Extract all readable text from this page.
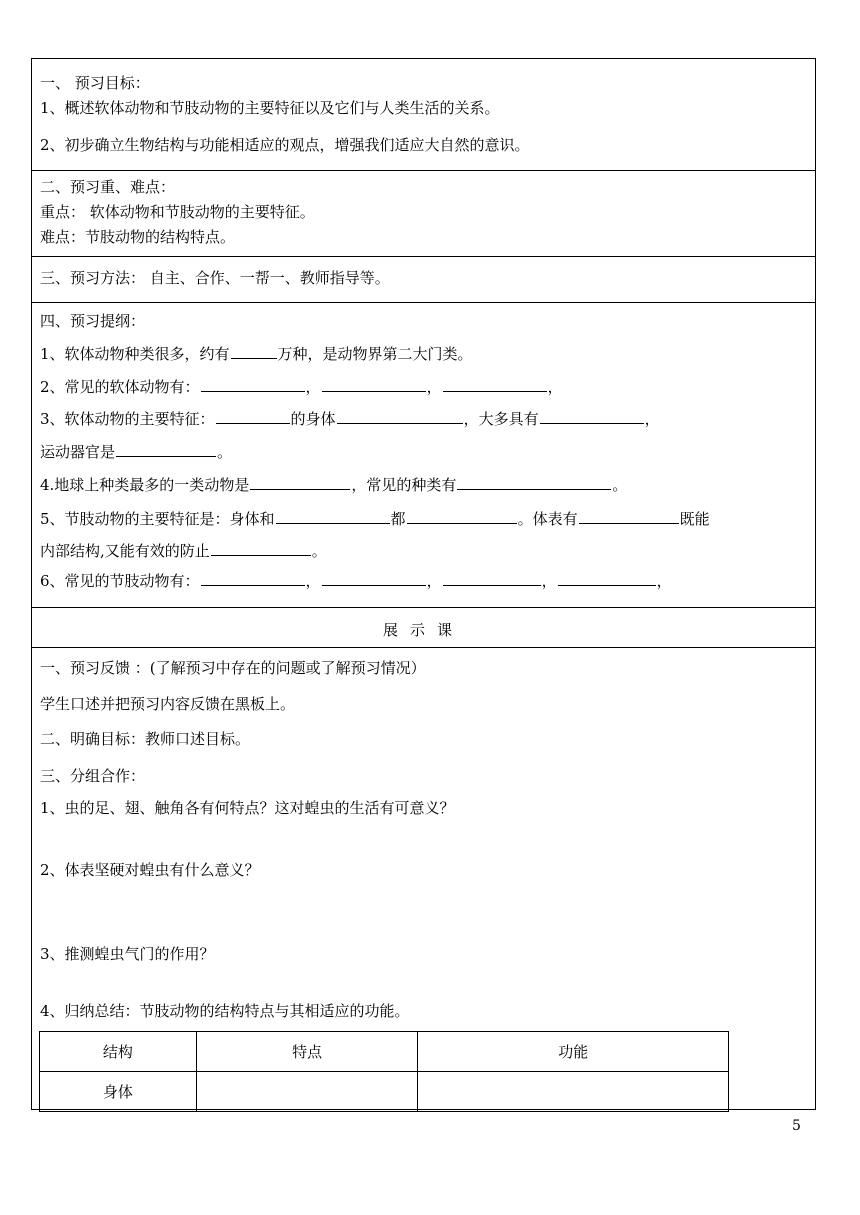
一、 预习目标：
1、概述软体动物和节肢动物的主要特征以及它们与人类生活的关系。
2、初步确立生物结构与功能相适应的观点，增强我们适应大自然的意识。
二、预习重、难点：
重点： 软体动物和节肢动物的主要特征。
难点：节肢动物的结构特点。
三、预习方法： 自主、合作、一帮一、教师指导等。
四、预习提纲：
1、软体动物种类很多，约有	万种，是动物界第二大门类。
2、常见的软体动物有：	，	，	，
3、软体动物的主要特征：	的身体	，大多具有	，
运动器官是	。
4.地球上种类最多的一类动物是	，常见的种类有	。
5、节肢动物的主要特征是：身体和	都	。体表有	既能
内部结构,又能有效的防止	。
6、常见的节肢动物有：	，	，	，	，
展示课
一、预习反馈 ：(了解预习中存在的问题或了解预习情况）
学生口述并把预习内容反馈在黑板上。
二、明确目标：教师口述目标。
三、分组合作：
1、虫的足、翅、触角各有何特点？这对蝗虫的生活有可意义？
2、体表坚硬对蝗虫有什么意义？
3、推测蝗虫气门的作用？
4、归纳总结：节肢动物的结构特点与其相适应的功能。
结构	特点	功能
身体		
5
